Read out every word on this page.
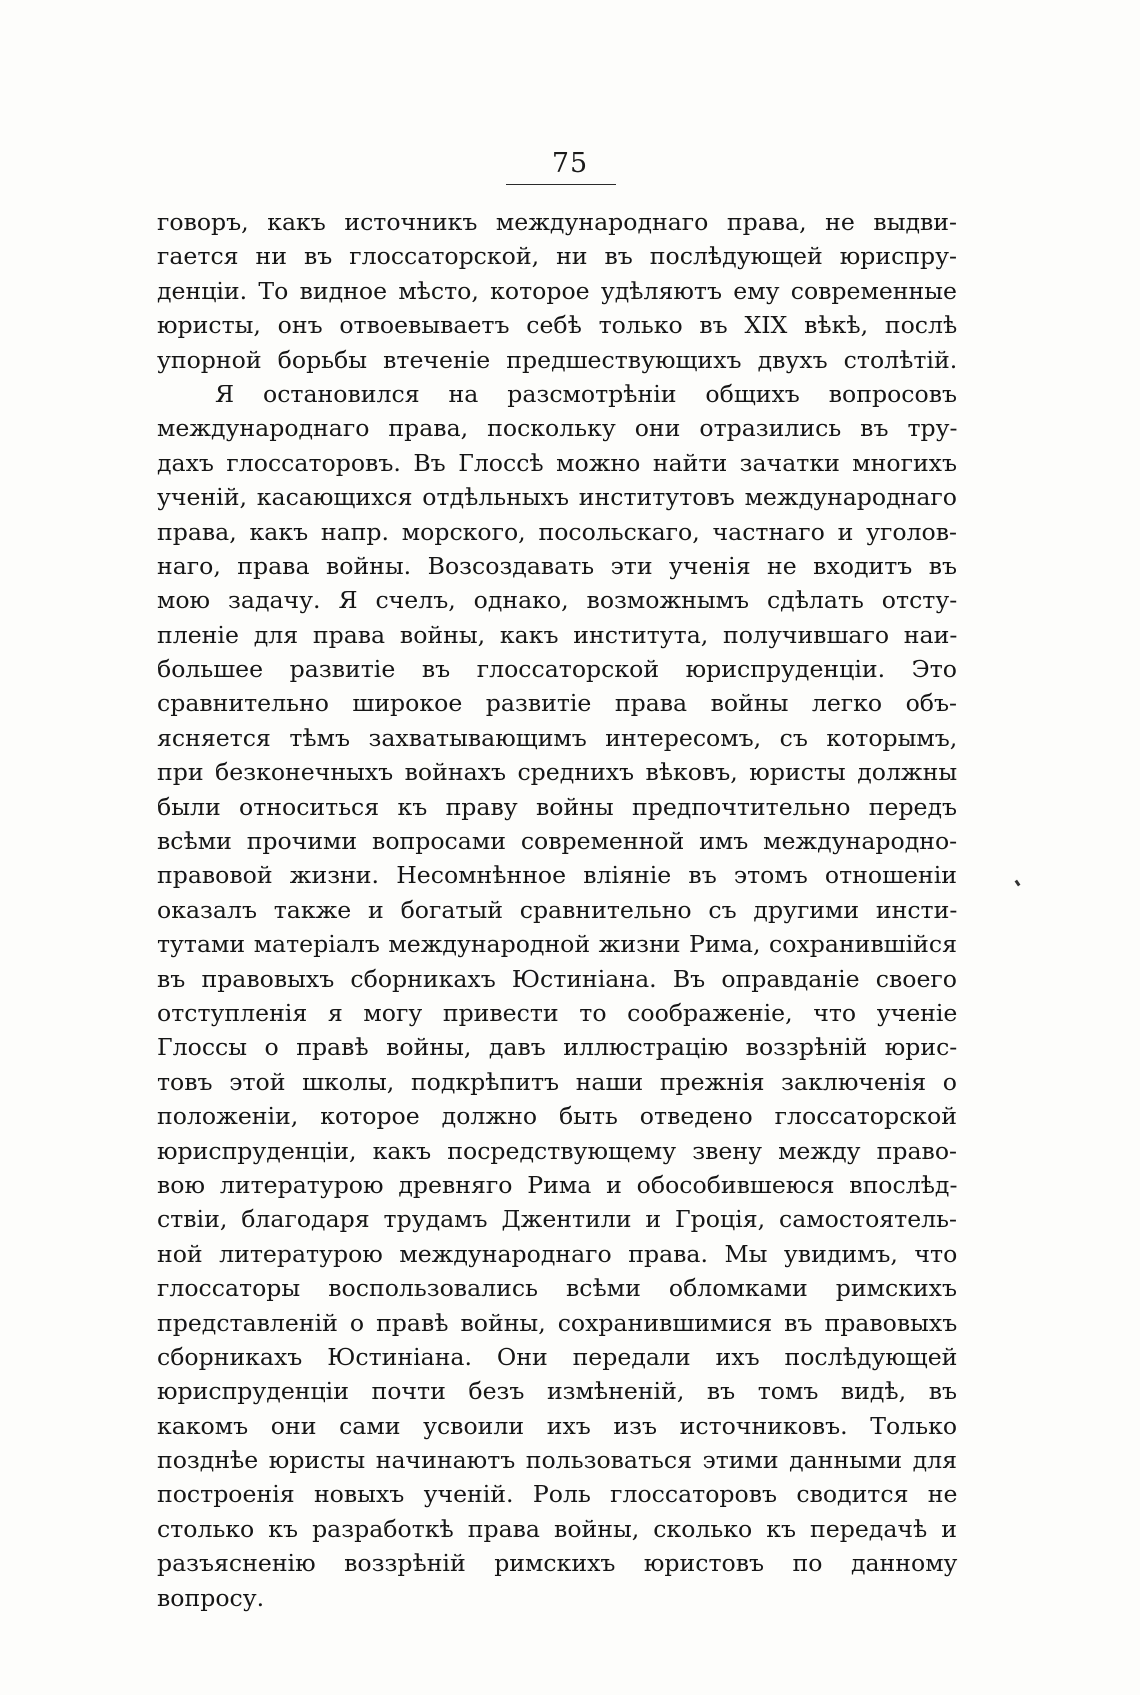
75
говоръ, какъ источникъ международнаго права, не выдви-
гается ни въ глоссаторской, ни въ послѣдующей юриспру-
денціи. То видное мѣсто, которое удѣляютъ ему современные
юристы, онъ отвоевываетъ себѣ только въ XIX вѣкѣ, послѣ
упорной борьбы втеченіе предшествующихъ двухъ столѣтій.
Я остановился на разсмотрѣніи общихъ вопросовъ
международнаго права, поскольку они отразились въ тру-
дахъ глоссаторовъ. Въ Глоссѣ можно найти зачатки многихъ
ученій, касающихся отдѣльныхъ институтовъ международнаго
права, какъ напр. морского, посольскаго, частнаго и уголов-
наго, права войны. Возсоздавать эти ученія не входитъ въ
мою задачу. Я счелъ, однако, возможнымъ сдѣлать отсту-
пленіе для права войны, какъ института, получившаго наи-
большее развитіе въ глоссаторской юриспруденціи. Это
сравнительно широкое развитіе права войны легко объ-
ясняется тѣмъ захватывающимъ интересомъ, съ которымъ,
при безконечныхъ войнахъ среднихъ вѣковъ, юристы должны
были относиться къ праву войны предпочтительно передъ
всѣми прочими вопросами современной имъ международно-
правовой жизни. Несомнѣнное вліяніе въ этомъ отношеніи
оказалъ также и богатый сравнительно съ другими инсти-
тутами матеріалъ международной жизни Рима, сохранившійся
въ правовыхъ сборникахъ Юстиніана. Въ оправданіе своего
отступленія я могу привести то соображеніе, что ученіе
Глоссы о правѣ войны, давъ иллюстрацію воззрѣній юрис-
товъ этой школы, подкрѣпитъ наши прежнія заключенія о
положеніи, которое должно быть отведено глоссаторской
юриспруденціи, какъ посредствующему звену между право-
вою литературою древняго Рима и обособившеюся впослѣд-
ствіи, благодаря трудамъ Джентили и Гроція, самостоятель-
ной литературою международнаго права. Мы увидимъ, что
глоссаторы воспользовались всѣми обломками римскихъ
представленій о правѣ войны, сохранившимися въ правовыхъ
сборникахъ Юстиніана. Они передали ихъ послѣдующей
юриспруденціи почти безъ измѣненій, въ томъ видѣ, въ
какомъ они сами усвоили ихъ изъ источниковъ. Только
позднѣе юристы начинаютъ пользоваться этими данными для
построенія новыхъ ученій. Роль глоссаторовъ сводится не
столько къ разработкѣ права войны, сколько къ передачѣ и
разъясненію воззрѣній римскихъ юристовъ по данному
вопросу.
